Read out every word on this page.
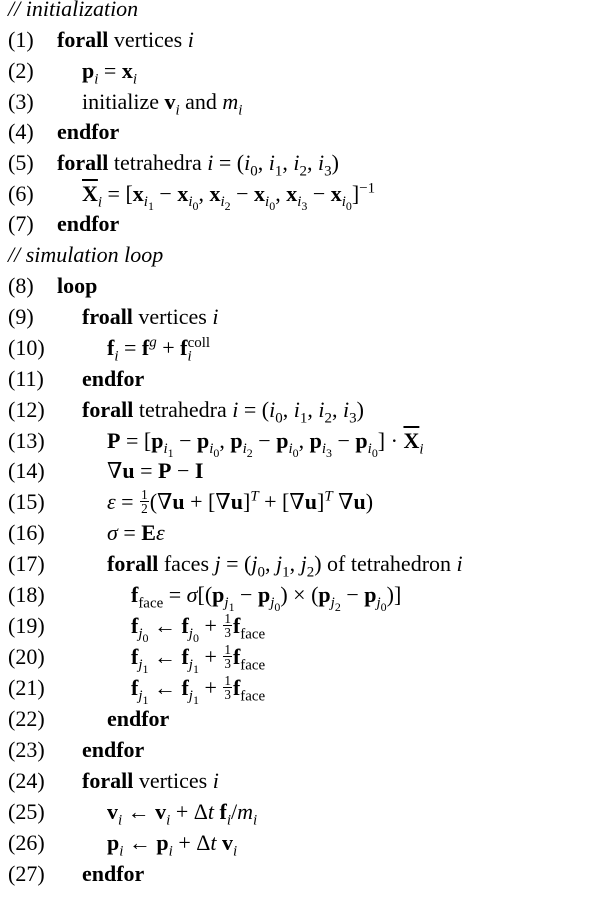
// initialization
(1) forall vertices i
(2) $p_i = x_i$
(3) initialize $v_i$ and $m_i$
(4) endfor
(5) forall tetrahedra $i = (i_0$, $i_1$, $i_2$, $i_3$)
(6) $\overline{X}_i = [x_{i_1} - x_{i_0}$, $x_{i_2} - x_{i_0}$, $x_{i_3} - x_{i_0}]^{-1}$
(7) endfor
// simulation loop
(8) loop
(9) froall vertices i
(10)	$f_i = f^g + f_i^{coll}$
(11) endfor
(12) forall tetrahedra $i = (i_0$, $i_1$, $i_2$, $i_3$)
(13)	$P = [p_{i_1} - p_{i_0}$, $p_{i_2} - p_{i_0}$, $p_{i_3} - p_{i_0}] \cdot \overline{X}_i$
(14)	∇u = P − I
(15)	$\varepsilon = \frac{1}{2} (\nabla u + [\nabla u]^T + [\nabla u]^T$ ∇u)
(16)	σ = Eε
(17)	forall faces $j = (j_0$, $j_1$, $j_2$) of tetrahedron i
(18)	$f_{face} = \sigma[(p_{j_1} - p_{j_0}) \times (p_{j_2} - p_{j_0})]$
(19)	$f_{j_0}$ ← $f_{j_0} + \frac{1}{3} f_{face}$
(20)	$f_{j_1}$ ← $f_{j_1} + \frac{1}{3} f_{face}$
(21)	$f_{j_1}$ ← $f_{j_1} + \frac{1}{3} f_{face}$
(22)	endfor
(23) endfor
(24) forall vertices i
(25)	$v_i$ ← $v_i + \Delta t$ $f_i/m_i$
(26)	$p_i$ ← $p_i + \Delta t$ $v_i$
(27) endfor
